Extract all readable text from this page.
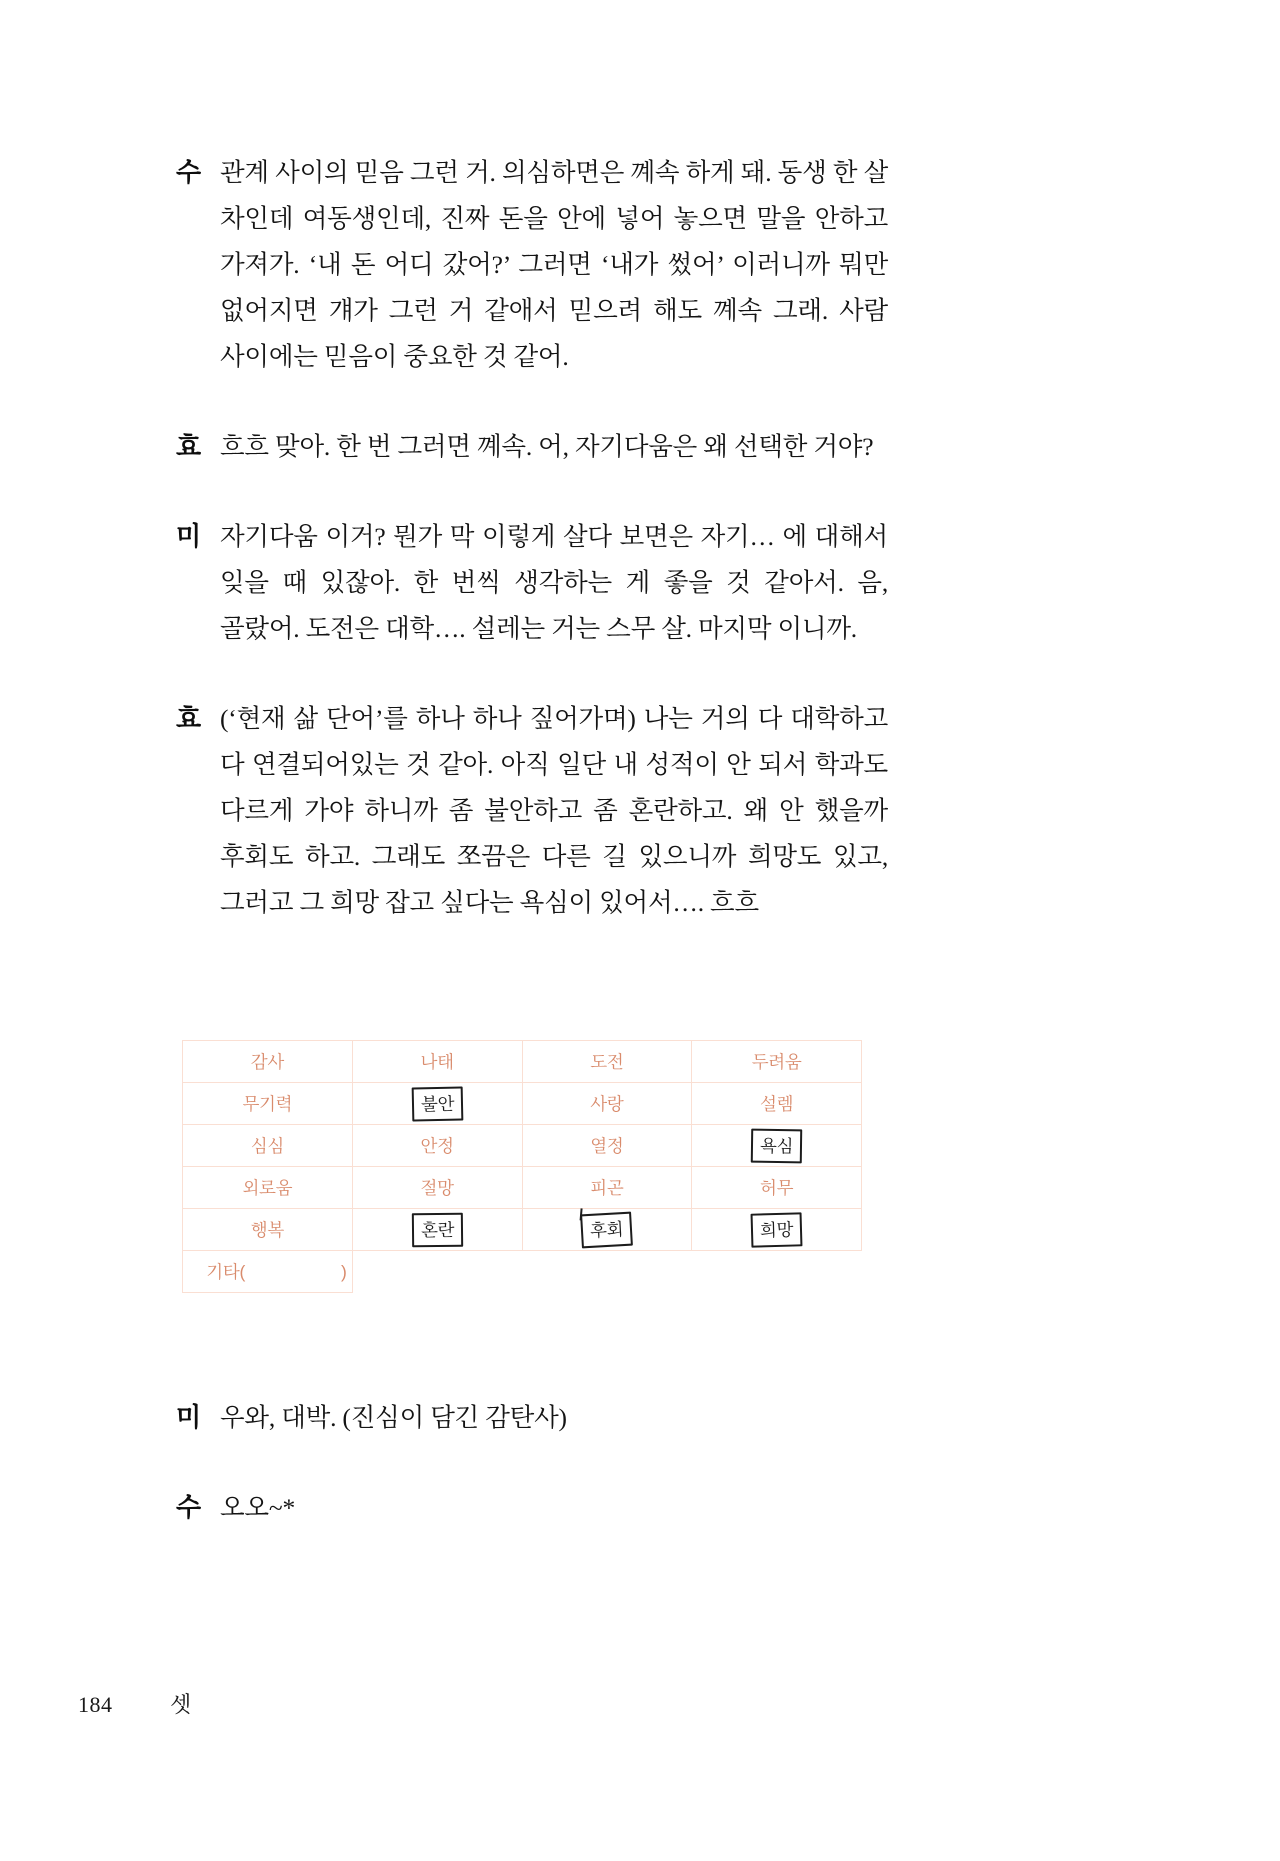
수 관계 사이의 믿음 그런 거. 의심하면은 꼐속 하게 돼. 동생 한 살 차인데 여동생인데, 진짜 돈을 안에 넣어 놓으면 말을 안하고 가져가. ‘내 돈 어디 갔어?’ 그러면 ‘내가 썼어’ 이러니까 뭐만 없어지면 걔가 그런 거 같애서 믿으려 해도 꼐속 그래. 사람 사이에는 믿음이 중요한 것 같어.
효 흐흐 맞아. 한 번 그러면 꼐속. 어, 자기다움은 왜 선택한 거야?
미 자기다움 이거? 뭔가 막 이렇게 살다 보면은 자기… 에 대해서 잊을 때 있잖아. 한 번씩 생각하는 게 좋을 것 같아서. 음, 골랐어. 도전은 대학…. 설레는 거는 스무 살. 마지막 이니까.
효 (‘현재 삶 단어’를 하나 하나 짚어가며) 나는 거의 다 대학하고 다 연결되어있는 것 같아. 아직 일단 내 성적이 안 되서 학과도 다르게 가야 하니까 좀 불안하고 좀 혼란하고. 왜 안 했을까 후회도 하고. 그래도 쪼끔은 다른 길 있으니까 희망도 있고, 그러고 그 희망 잡고 싶다는 욕심이 있어서…. 흐흐
감사	나태	도전	두려움
무기력	불안	사랑	설렘
심심	안정	열정	욕심
외로움	절망	피곤	허무
행복	혼란	후회	희망
기타( )			
미 우와, 대박. (진심이 담긴 감탄사)
수 오오~*
184	셋
